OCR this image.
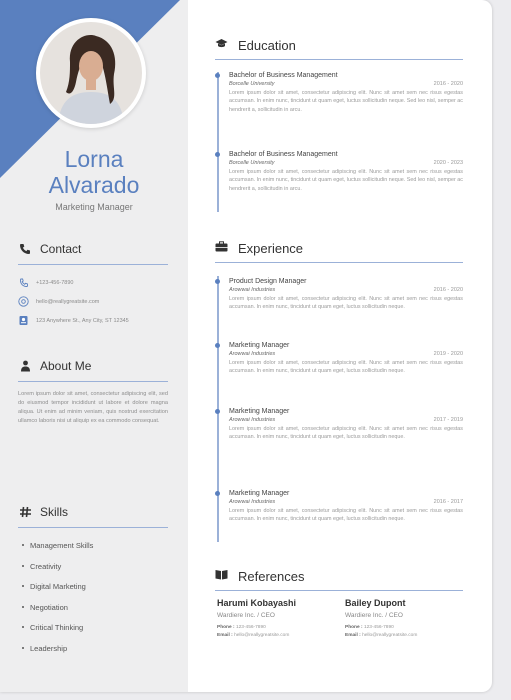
Lorna
Alvarado
Marketing Manager
Contact
+123-456-7890
hello@reallygreatsite.com
123 Anywhere St., Any City, ST 12345
About Me
Lorem ipsum dolor sit amet, consectetur adipiscing elit, sed do eiusmod tempor incididunt ut labore et dolore magna aliqua. Ut enim ad minim veniam, quis nostrud exercitation ullamco laboris nisi ut aliquip ex ea commodo consequat.
Skills
Management Skills
Creativity
Digital Marketing
Negotiation
Critical Thinking
Leadership
Education
Bachelor of Business Management
Borcelle University	2016 - 2020
Lorem ipsum dolor sit amet, consectetur adipiscing elit. Nunc sit amet sem nec risus egestas accumsan. In enim nunc, tincidunt ut quam eget, luctus sollicitudin neque. Sed leo nisl, semper ac hendrerit a, sollicitudin in arcu.
Bachelor of Business Management
Borcelle University	2020 - 2023
Lorem ipsum dolor sit amet, consectetur adipiscing elit. Nunc sit amet sem nec risus egestas accumsan. In enim nunc, tincidunt ut quam eget, luctus sollicitudin neque. Sed leo nisl, semper ac hendrerit a, sollicitudin in arcu.
Experience
Product Design Manager
Arowwai Industries	2016 - 2020
Lorem ipsum dolor sit amet, consectetur adipiscing elit. Nunc sit amet sem nec risus egestas accumsan. In enim nunc, tincidunt ut quam eget, luctus sollicitudin neque.
Marketing Manager
Arowwai Industries	2019 - 2020
Lorem ipsum dolor sit amet, consectetur adipiscing elit. Nunc sit amet sem nec risus egestas accumsan. In enim nunc, tincidunt ut quam eget, luctus sollicitudin neque.
Marketing Manager
Arowwai Industries	2017 - 2019
Lorem ipsum dolor sit amet, consectetur adipiscing elit. Nunc sit amet sem nec risus egestas accumsan. In enim nunc, tincidunt ut quam eget, luctus sollicitudin neque.
Marketing Manager
Arowwai Industries	2016 - 2017
Lorem ipsum dolor sit amet, consectetur adipiscing elit. Nunc sit amet sem nec risus egestas accumsan. In enim nunc, tincidunt ut quam eget, luctus sollicitudin neque.
References
Harumi Kobayashi
Wardiere Inc. / CEO
Phone : 123-456-7890
Email : hello@reallygreatsite.com
Bailey Dupont
Wardiere Inc. / CEO
Phone : 123-456-7890
Email : hello@reallygreatsite.com
